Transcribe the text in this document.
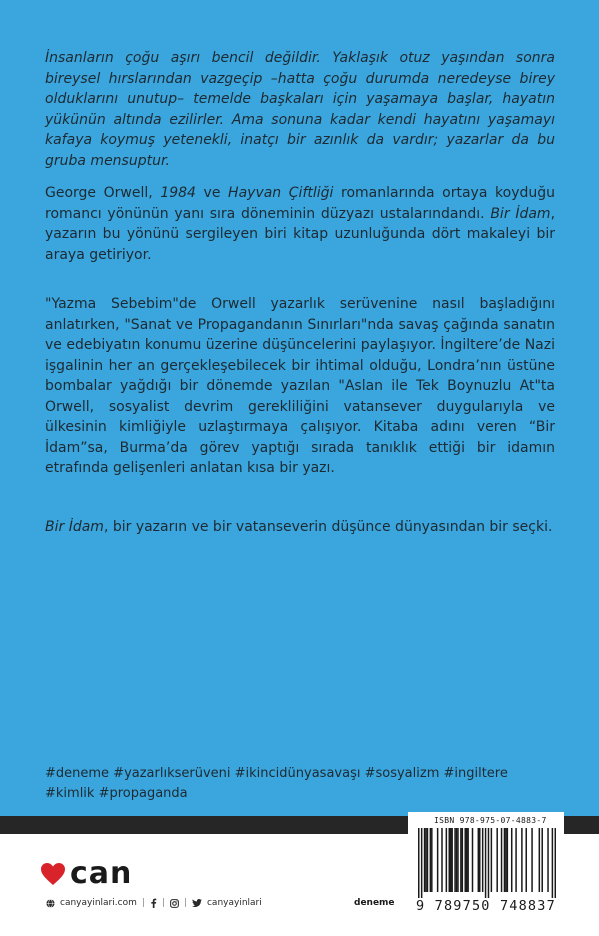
İnsanların çoğu aşırı bencil değildir. Yaklaşık otuz yaşından sonra bireysel hırslarından vazgeçip –hatta çoğu durumda neredeyse birey olduklarını unutup– temelde başkaları için yaşamaya başlar, hayatın yükünün altında ezilirler. Ama sonuna kadar kendi hayatını yaşamayı kafaya koymuş yetenekli, inatçı bir azınlık da vardır; yazarlar da bu gruba mensuptur.

George Orwell, 1984 ve Hayvan Çiftliği romanlarında ortaya koyduğu romancı yönünün yanı sıra döneminin düzyazı ustalarındandı. Bir İdam, yazarın bu yönünü sergileyen biri kitap uzunluğunda dört makaleyi bir araya getiriyor.

"Yazma Sebebim"de Orwell yazarlık serüvenine nasıl başladığını anlatırken, "Sanat ve Propagandanın Sınırları"nda savaş çağında sanatın ve edebiyatın konumu üzerine düşüncelerini paylaşıyor. İngiltere’de Nazi işgalinin her an gerçekleşebilecek bir ihtimal olduğu, Londra’nın üstüne bombalar yağdığı bir dönemde yazılan "Aslan ile Tek Boynuzlu At"ta Orwell, sosyalist devrim gerekliliğini vatansever duygularıyla ve ülkesinin kimliğiyle uzlaştırmaya çalışıyor. Kitaba adını veren “Bir İdam”sa, Burma’da görev yaptığı sırada tanıklık ettiği bir idamın etrafında gelişenleri anlatan kısa bir yazı.

Bir İdam, bir yazarın ve bir vatanseverin düşünce dünyasından bir seçki.

#deneme #yazarlıkserüveni #ikincidünyasavaşı #sosyalizm #ingiltere
#kimlik #propaganda
can
canyayinlari.com | | | canyayinlari	deneme
ISBN 978-975-07-4883-7
9 789750 748837
